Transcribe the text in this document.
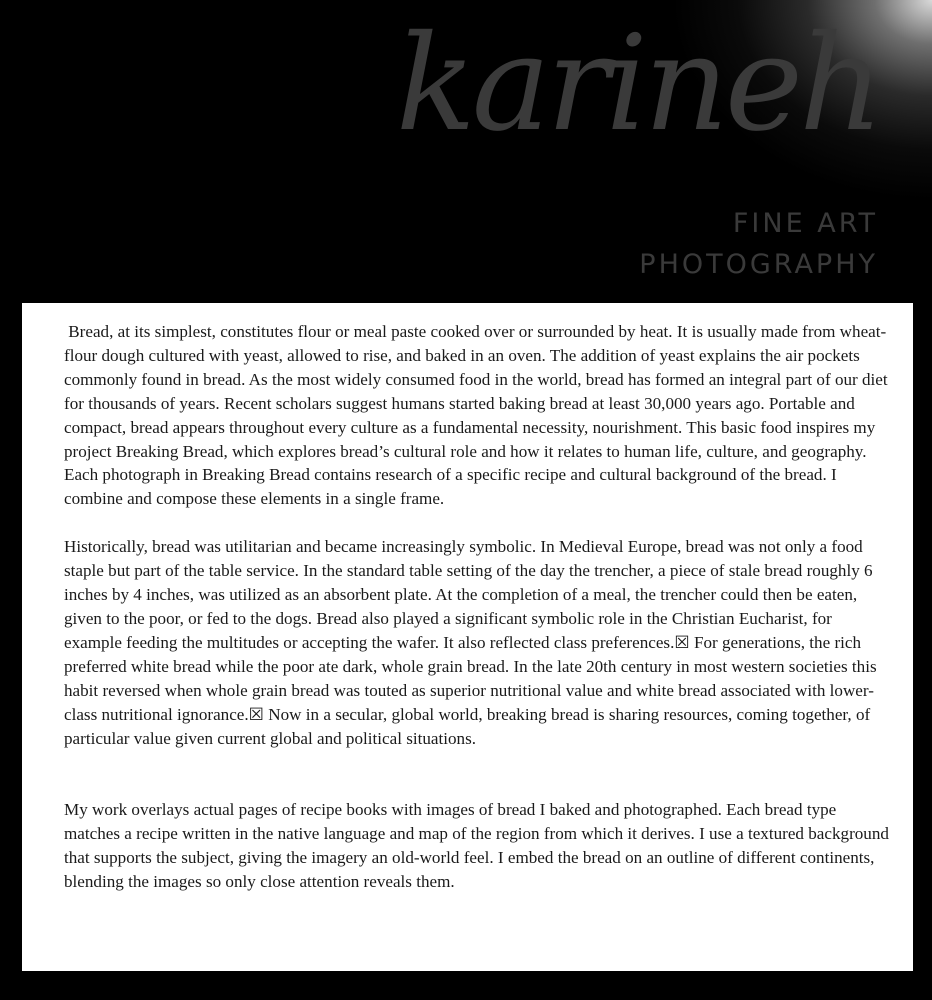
karineh
FINE ART
PHOTOGRAPHY

Bread, at its simplest, constitutes flour or meal paste cooked over or surrounded by heat. It is usually made from wheat-flour dough cultured with yeast, allowed to rise, and baked in an oven. The addition of yeast explains the air pockets commonly found in bread. As the most widely consumed food in the world, bread has formed an integral part of our diet for thousands of years. Recent scholars suggest humans started baking bread at least 30,000 years ago. Portable and compact, bread appears throughout every culture as a fundamental necessity, nourishment. This basic food inspires my project Breaking Bread, which explores bread’s cultural role and how it relates to human life, culture, and geography. Each photograph in Breaking Bread contains research of a specific recipe and cultural background of the bread. I combine and compose these elements in a single frame.

Historically, bread was utilitarian and became increasingly symbolic. In Medieval Europe, bread was not only a food staple but part of the table service. In the standard table setting of the day the trencher, a piece of stale bread roughly 6 inches by 4 inches, was utilized as an absorbent plate. At the completion of a meal, the trencher could then be eaten, given to the poor, or fed to the dogs. Bread also played a significant symbolic role in the Christian Eucharist, for example feeding the multitudes or accepting the wafer. It also reflected class preferences.☒ For generations, the rich preferred white bread while the poor ate dark, whole grain bread. In the late 20th century in most western societies this habit reversed when whole grain bread was touted as superior nutritional value and white bread associated with lower-class nutritional ignorance.☒ Now in a secular, global world, breaking bread is sharing resources, coming together, of particular value given current global and political situations.

My work overlays actual pages of recipe books with images of bread I baked and photographed. Each bread type matches a recipe written in the native language and map of the region from which it derives. I use a textured background that supports the subject, giving the imagery an old-world feel. I embed the bread on an outline of different continents, blending the images so only close attention reveals them.
